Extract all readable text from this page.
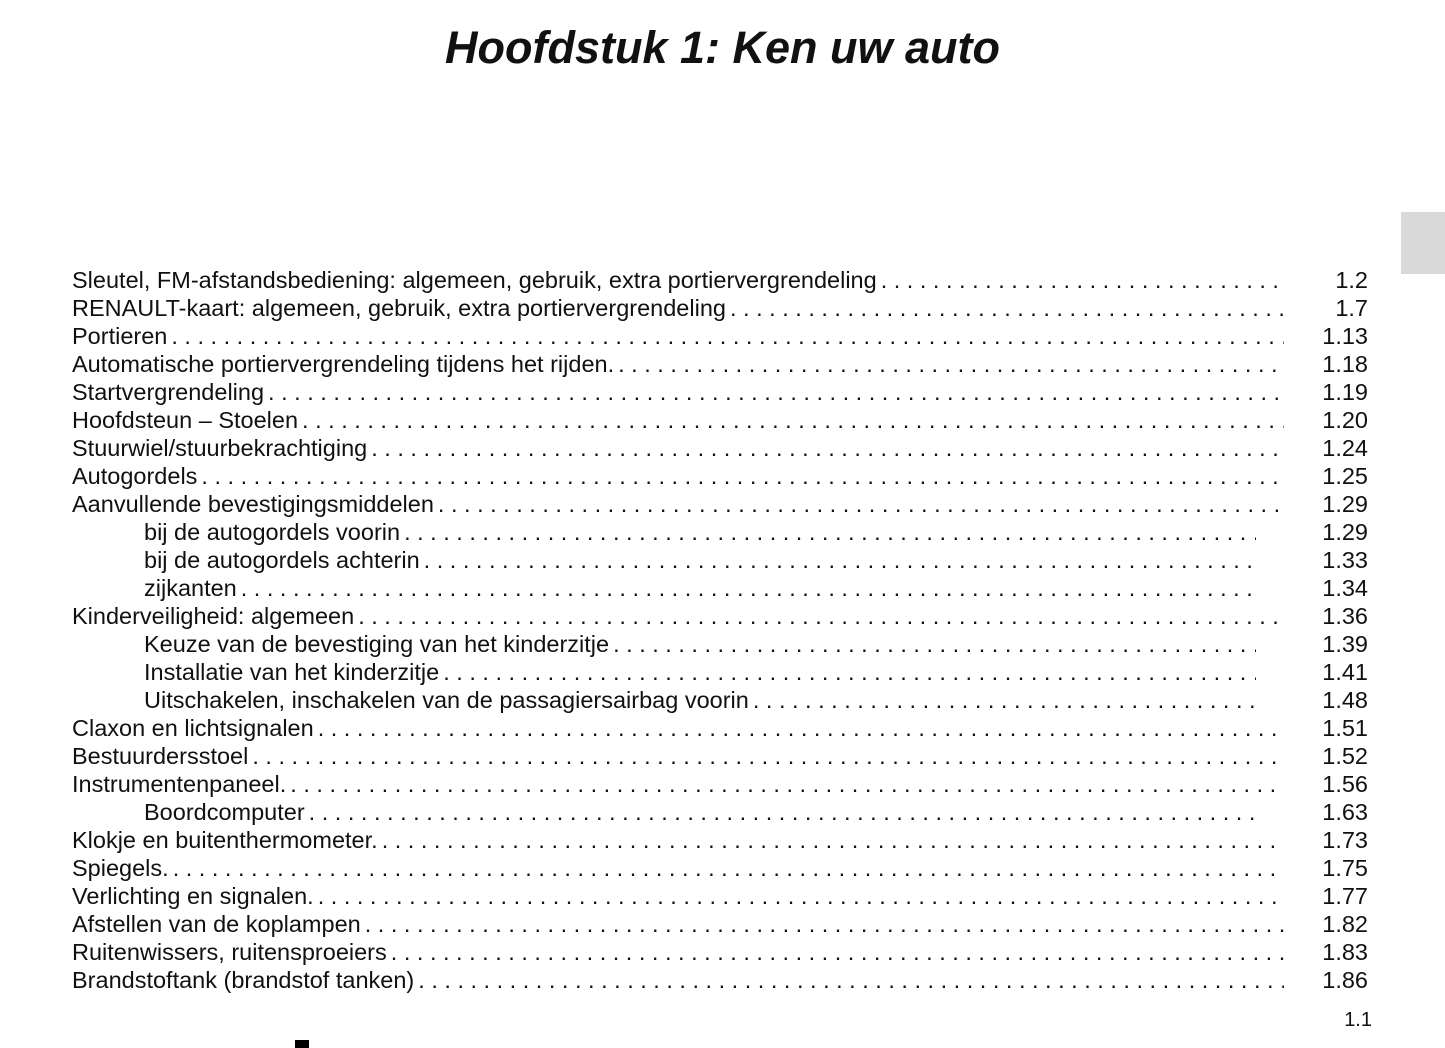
Hoofdstuk 1: Ken uw auto
Sleutel, FM-afstandsbediening: algemeen, gebruik, extra portiervergrendeling . . .	1.2
RENAULT-kaart: algemeen, gebruik, extra portiervergrendeling . . .	1.7
Portieren . . .	1.13
Automatische portiervergrendeling tijdens het rijden. . . .	1.18
Startvergrendeling . . .	1.19
Hoofdsteun – Stoelen . . .	1.20
Stuurwiel/stuurbekrachtiging . . .	1.24
Autogordels . . .	1.25
Aanvullende bevestigingsmiddelen . . .	1.29
bij de autogordels voorin . . .	1.29
bij de autogordels achterin . . .	1.33
zijkanten . . .	1.34
Kinderveiligheid: algemeen . . .	1.36
Keuze van de bevestiging van het kinderzitje . . .	1.39
Installatie van het kinderzitje . . .	1.41
Uitschakelen, inschakelen van de passagiersairbag voorin . . .	1.48
Claxon en lichtsignalen . . .	1.51
Bestuurdersstoel . . .	1.52
Instrumentenpaneel. . . .	1.56
Boordcomputer . . .	1.63
Klokje en buitenthermometer. . . .	1.73
Spiegels. . . .	1.75
Verlichting en signalen. . . .	1.77
Afstellen van de koplampen . . .	1.82
Ruitenwissers, ruitensproeiers . . .	1.83
Brandstoftank (brandstof tanken) . . .	1.86
1.1
